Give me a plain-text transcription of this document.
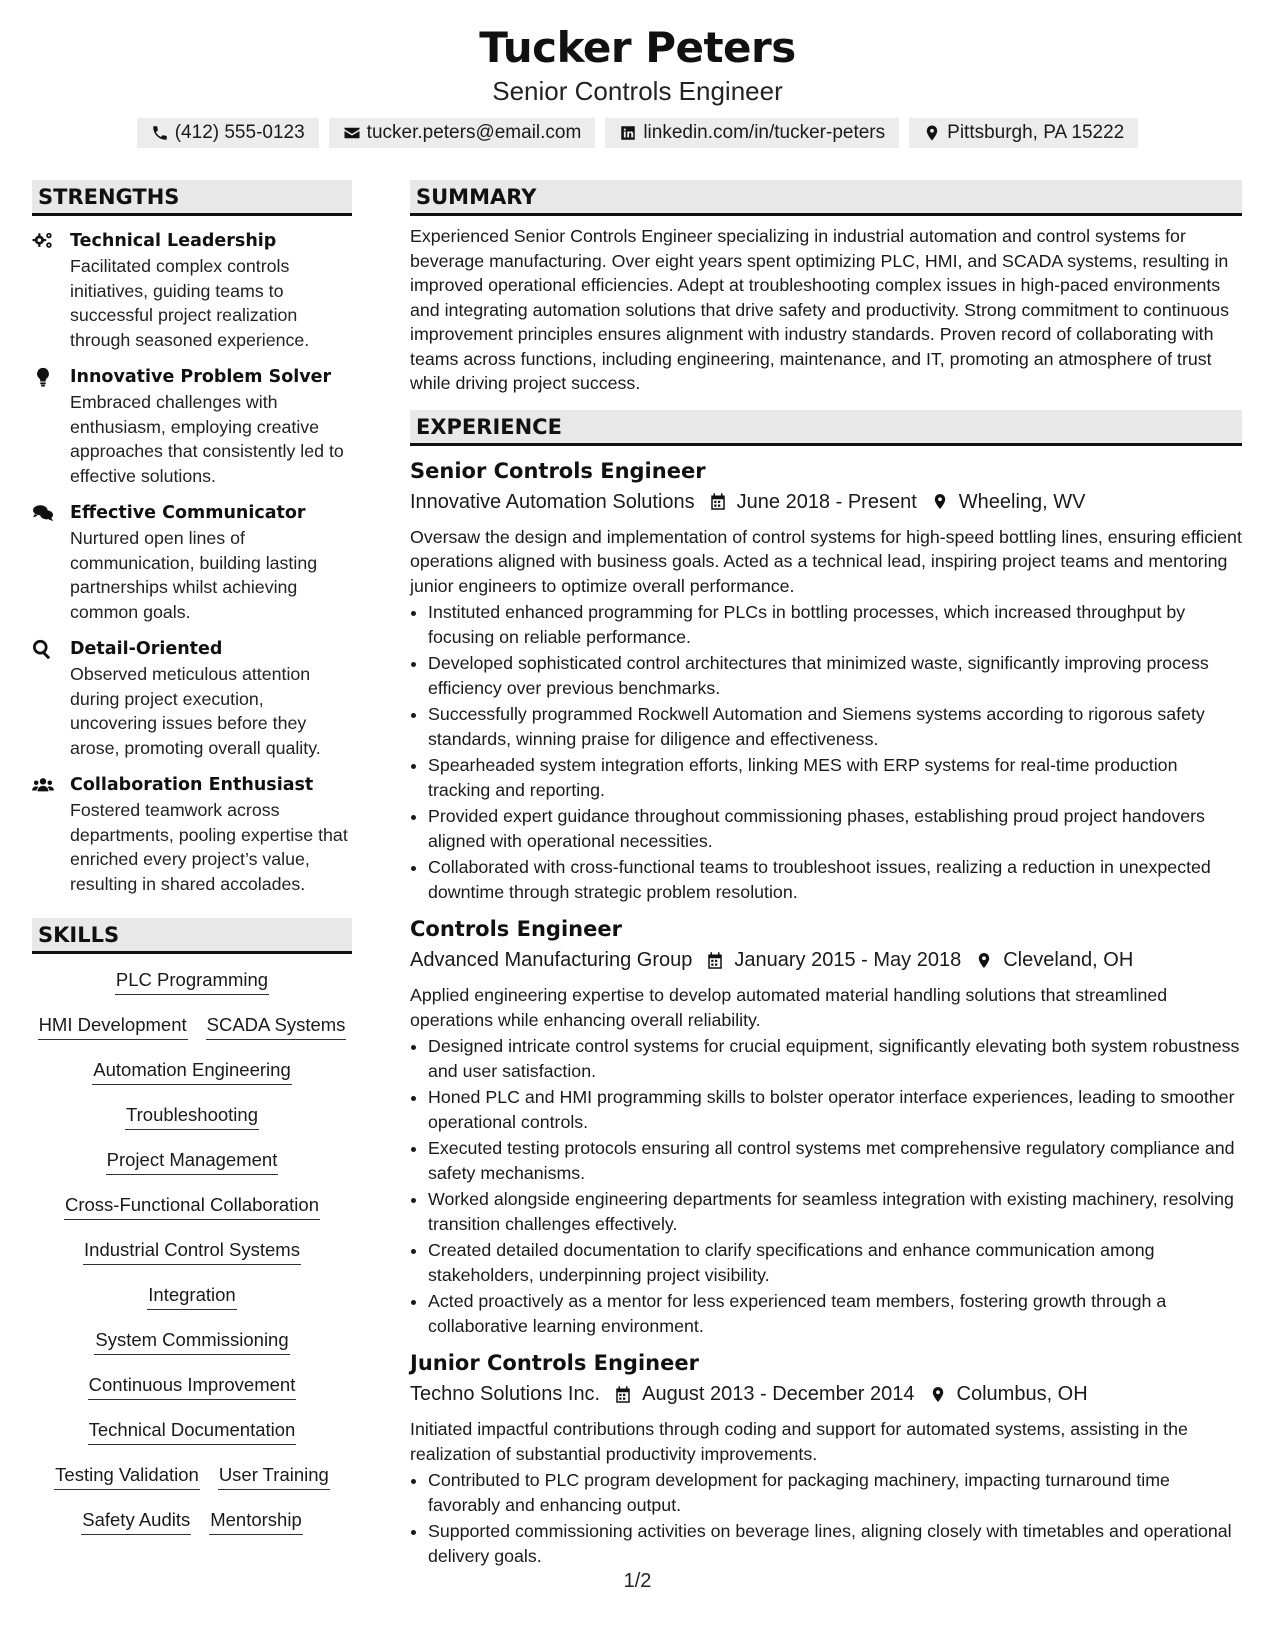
Tucker Peters
Senior Controls Engineer
(412) 555-0123	tucker.peters@email.com	linkedin.com/in/tucker-peters	Pittsburgh, PA 15222
STRENGTHS
Technical Leadership

Facilitated complex controls initiatives, guiding teams to successful project realization through seasoned experience.

Innovative Problem Solver

Embraced challenges with enthusiasm, employing creative approaches that consistently led to effective solutions.

Effective Communicator

Nurtured open lines of communication, building lasting partnerships whilst achieving common goals.

Detail-Oriented

Observed meticulous attention during project execution, uncovering issues before they arose, promoting overall quality.

Collaboration Enthusiast

Fostered teamwork across departments, pooling expertise that enriched every project’s value, resulting in shared accolades.

SKILLS
PLC Programming
HMI Development SCADA Systems
Automation Engineering
Troubleshooting
Project Management
Cross-Functional Collaboration
Industrial Control Systems
Integration
System Commissioning
Continuous Improvement
Technical Documentation
Testing Validation User Training
Safety Audits Mentorship
SUMMARY

Experienced Senior Controls Engineer specializing in industrial automation and control systems for beverage manufacturing. Over eight years spent optimizing PLC, HMI, and SCADA systems, resulting in improved operational efficiencies. Adept at troubleshooting complex issues in high-paced environments and integrating automation solutions that drive safety and productivity. Strong commitment to continuous improvement principles ensures alignment with industry standards. Proven record of collaborating with teams across functions, including engineering, maintenance, and IT, promoting an atmosphere of trust while driving project success.

EXPERIENCE
Senior Controls Engineer
Innovative Automation Solutions June 2018 - Present Wheeling, WV

Oversaw the design and implementation of control systems for high-speed bottling lines, ensuring efficient operations aligned with business goals. Acted as a technical lead, inspiring project teams and mentoring junior engineers to optimize overall performance.

• Instituted enhanced programming for PLCs in bottling processes, which increased throughput by focusing on reliable performance.
• Developed sophisticated control architectures that minimized waste, significantly improving process efficiency over previous benchmarks.
• Successfully programmed Rockwell Automation and Siemens systems according to rigorous safety standards, winning praise for diligence and effectiveness.
• Spearheaded system integration efforts, linking MES with ERP systems for real-time production tracking and reporting.
• Provided expert guidance throughout commissioning phases, establishing proud project handovers aligned with operational necessities.
• Collaborated with cross-functional teams to troubleshoot issues, realizing a reduction in unexpected downtime through strategic problem resolution.
Controls Engineer
Advanced Manufacturing Group January 2015 - May 2018 Cleveland, OH

Applied engineering expertise to develop automated material handling solutions that streamlined operations while enhancing overall reliability.

• Designed intricate control systems for crucial equipment, significantly elevating both system robustness and user satisfaction.
• Honed PLC and HMI programming skills to bolster operator interface experiences, leading to smoother operational controls.
• Executed testing protocols ensuring all control systems met comprehensive regulatory compliance and safety mechanisms.
• Worked alongside engineering departments for seamless integration with existing machinery, resolving transition challenges effectively.
• Created detailed documentation to clarify specifications and enhance communication among stakeholders, underpinning project visibility.
• Acted proactively as a mentor for less experienced team members, fostering growth through a collaborative learning environment.
Junior Controls Engineer
Techno Solutions Inc. August 2013 - December 2014 Columbus, OH

Initiated impactful contributions through coding and support for automated systems, assisting in the realization of substantial productivity improvements.

• Contributed to PLC program development for packaging machinery, impacting turnaround time favorably and enhancing output.
• Supported commissioning activities on beverage lines, aligning closely with timetables and operational delivery goals.
1/2
